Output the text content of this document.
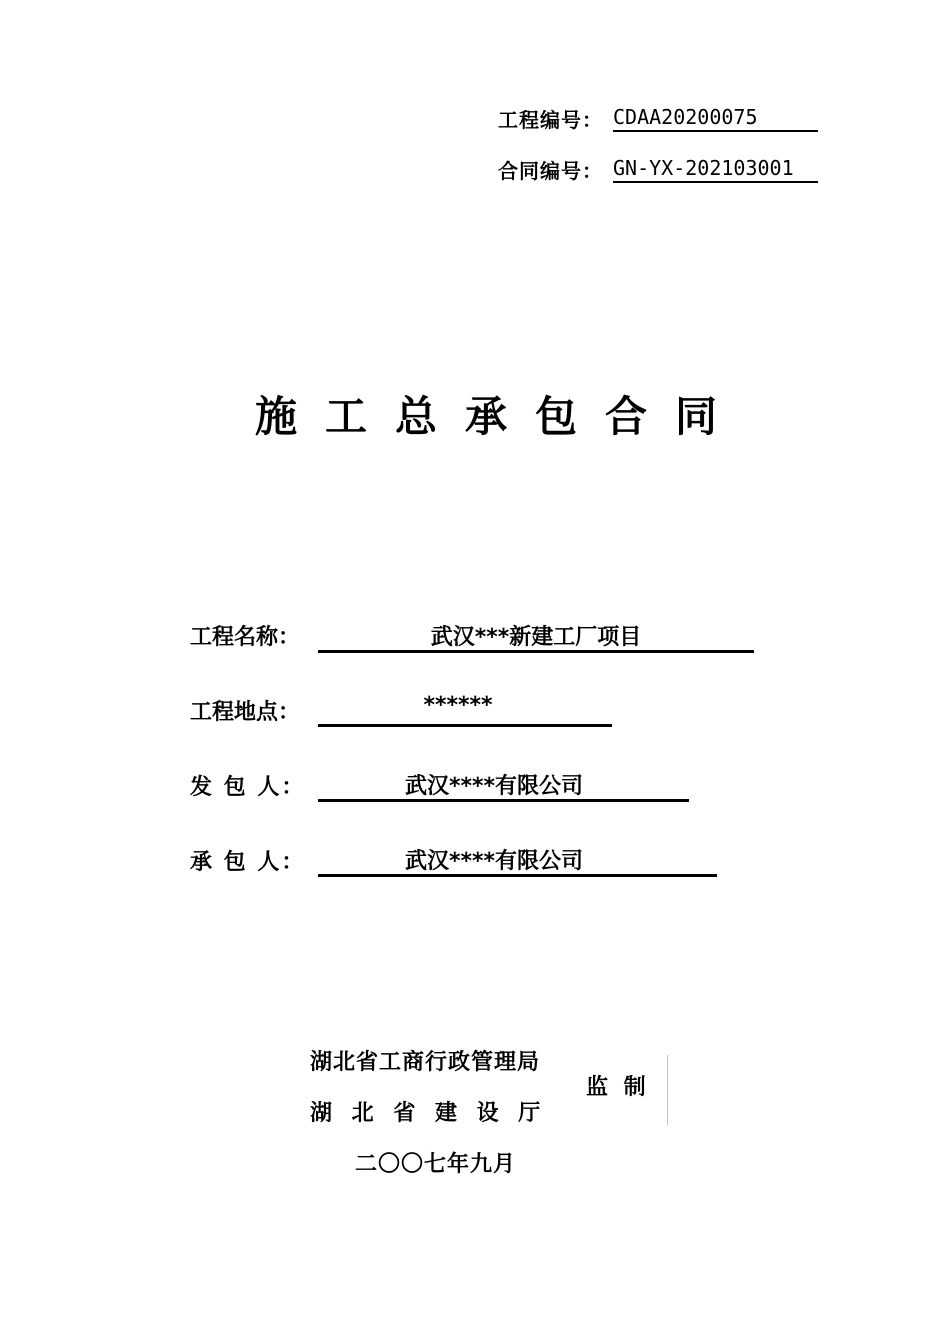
工程编号： CDAA20200075
合同编号： GN-YX-202103001
施工总承包合同
工程名称：	武汉***新建工厂项目
工程地点：	******
发 包 人：	武汉****有限公司
承 包 人：	武汉****有限公司
湖北省工商行政管理局
湖 北 省 建 设 厅
监 制
二〇〇七年九月
